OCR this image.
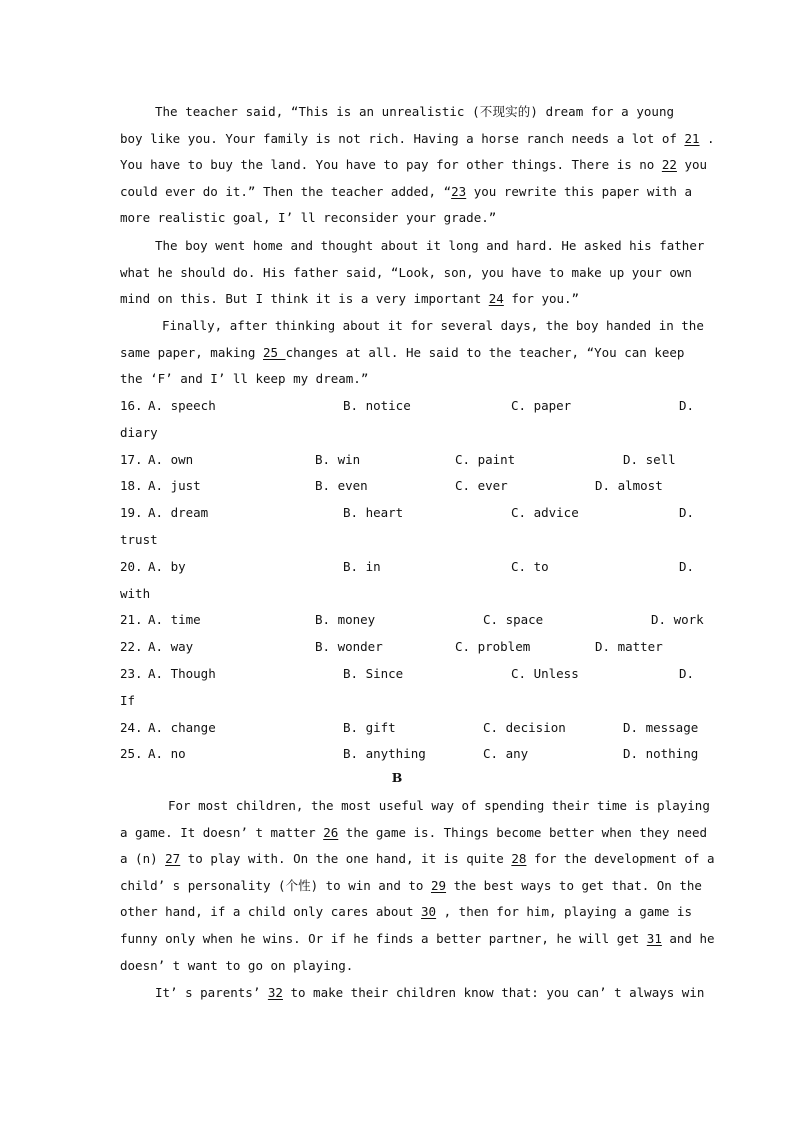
The teacher said, “This is an unrealistic (不现实的) dream for a young
boy like you. Your family is not rich. Having a horse ranch needs a lot of 21 .
You have to buy the land. You have to pay for other things. There is no 22 you
could ever do it.” Then the teacher added, “23 you rewrite this paper with a
more realistic goal, I’ ll reconsider your grade.”
The boy went home and thought about it long and hard. He asked his father
what he should do. His father said, “Look, son, you have to make up your own
mind on this. But I think it is a very important 24 for you.”
Finally, after thinking about it for several days, the boy handed in the
same paper, making 25 changes at all. He said to the teacher, “You can keep
the ‘F’ and I’ ll keep my dream.”
16. A. speech	B. notice	C. paper	D.
diary
17. A. own	B. win	C. paint	D. sell
18. A. just	B. even	C. ever	D. almost
19. A. dream	B. heart	C. advice	D.
trust
20. A. by	B. in	C. to	D.
with
21. A. time	B. money	C. space	D. work
22. A. way	B. wonder	C. problem	D. matter
23. A. Though	B. Since	C. Unless	D.
If
24. A. change	B. gift	C. decision	D. message
25. A. no	B. anything	C. any	D. nothing
B
For most children, the most useful way of spending their time is playing
a game. It doesn’ t matter 26 the game is. Things become better when they need
a (n) 27 to play with. On the one hand, it is quite 28 for the development of a
child’ s personality (个性) to win and to 29 the best ways to get that. On the
other hand, if a child only cares about 30 , then for him, playing a game is
funny only when he wins. Or if he finds a better partner, he will get 31 and he
doesn’ t want to go on playing.
It’ s parents’ 32 to make their children know that: you can’ t always win
